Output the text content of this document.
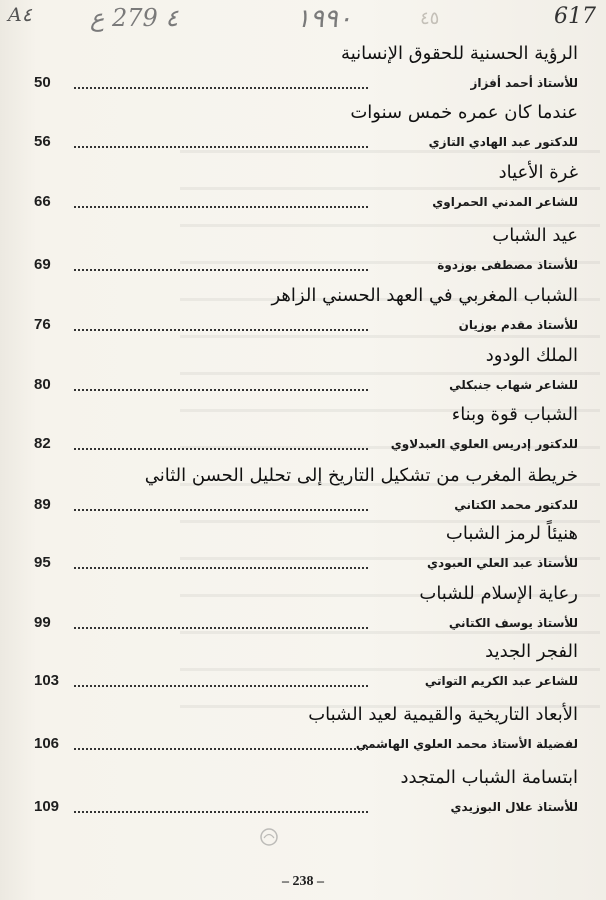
A٤ ٤ 279 ع	١٩٩٠	٤٥	617
الرؤية الحسنية للحقوق الإنسانية
50	للأستاذ أحمد أفزاز
عندما كان عمره خمس سنوات
56	للدكتور عبد الهادي التازي
غرة الأعياد
66	للشاعر المدني الحمراوي
عيد الشباب
69	للأستاذ مصطفى بوزدوة
الشباب المغربي في العهد الحسني الزاهر
76	للأستاذ مقدم بوزيان
الملك الودود
80	للشاعر شهاب جنبكلي
الشباب قوة وبناء
82	للدكتور إدريس العلوي العبدلاوي
خريطة المغرب من تشكيل التاريخ إلى تحليل الحسن الثاني
89	للدكتور محمد الكتاني
هنيئاً لرمز الشباب
95	للأستاذ عبد العلي العبودي
رعاية الإسلام للشباب
99	للأستاذ يوسف الكتاني
الفجر الجديد
103	للشاعر عبد الكريم التواتي
الأبعاد التاريخية والقيمية لعيد الشباب
106	لفضيلة الأستاذ محمد العلوي الهاشمي
ابتسامة الشباب المتجدد
109	للأستاذ علال البوزيدي
– 238 –
